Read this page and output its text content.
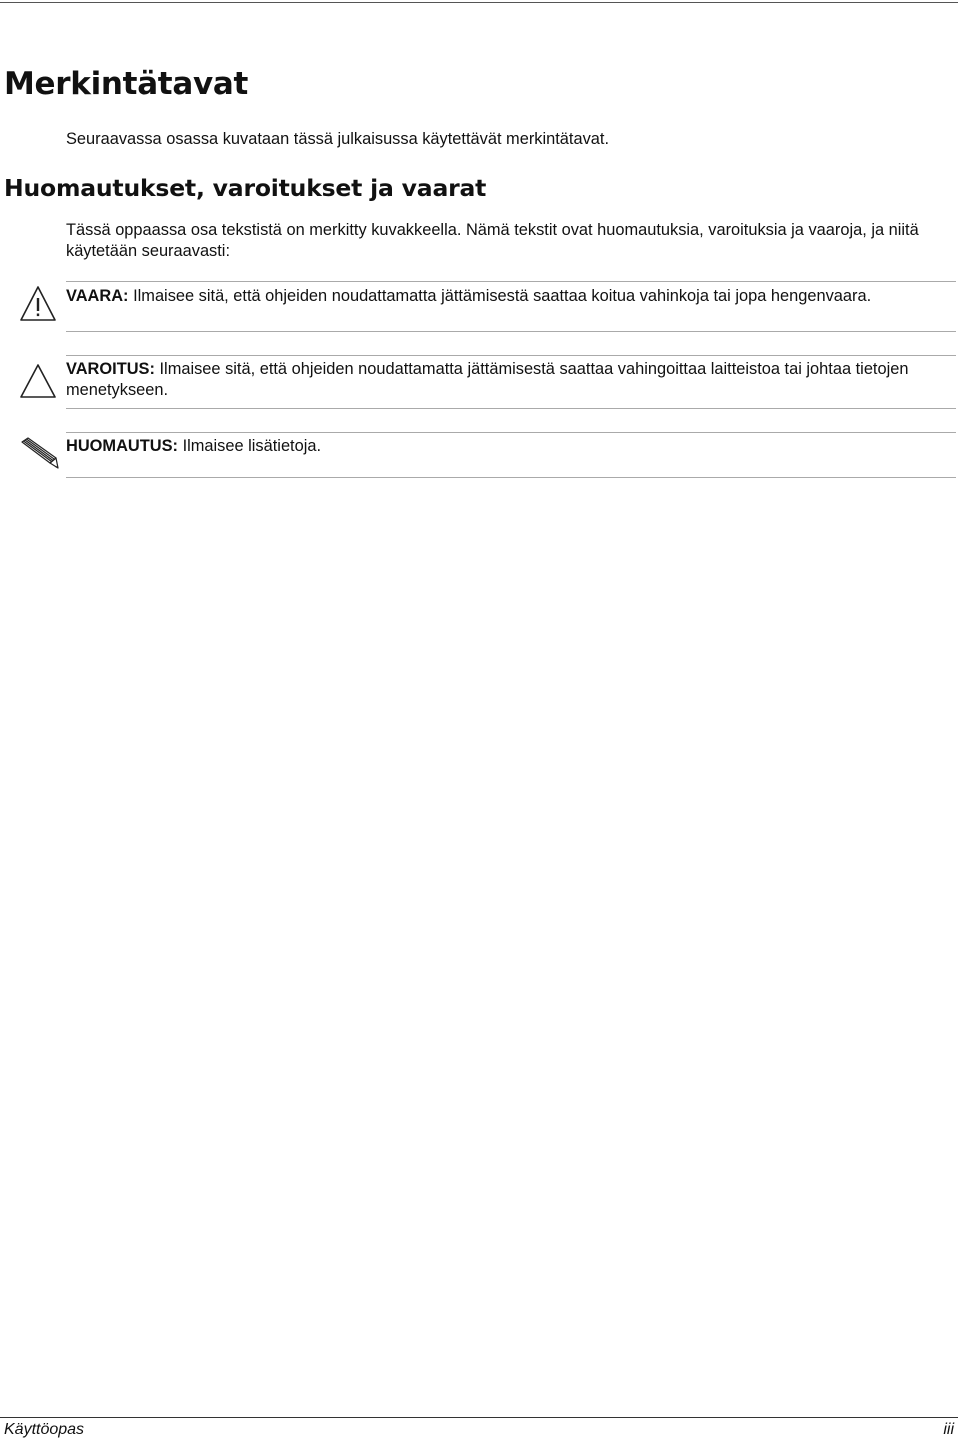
Merkintätavat

Seuraavassa osassa kuvataan tässä julkaisussa käytettävät merkintätavat.

Huomautukset, varoitukset ja vaarat

Tässä oppaassa osa tekstistä on merkitty kuvakkeella. Nämä tekstit ovat huomautuksia, varoituksia ja vaaroja, ja niitä käytetään seuraavasti:

VAARA: Ilmaisee sitä, että ohjeiden noudattamatta jättämisestä saattaa koitua vahinkoja tai jopa hengenvaara.

VAROITUS: Ilmaisee sitä, että ohjeiden noudattamatta jättämisestä saattaa vahingoittaa laitteistoa tai johtaa tietojen menetykseen.

HUOMAUTUS: Ilmaisee lisätietoja.

Käyttöopas	iii
